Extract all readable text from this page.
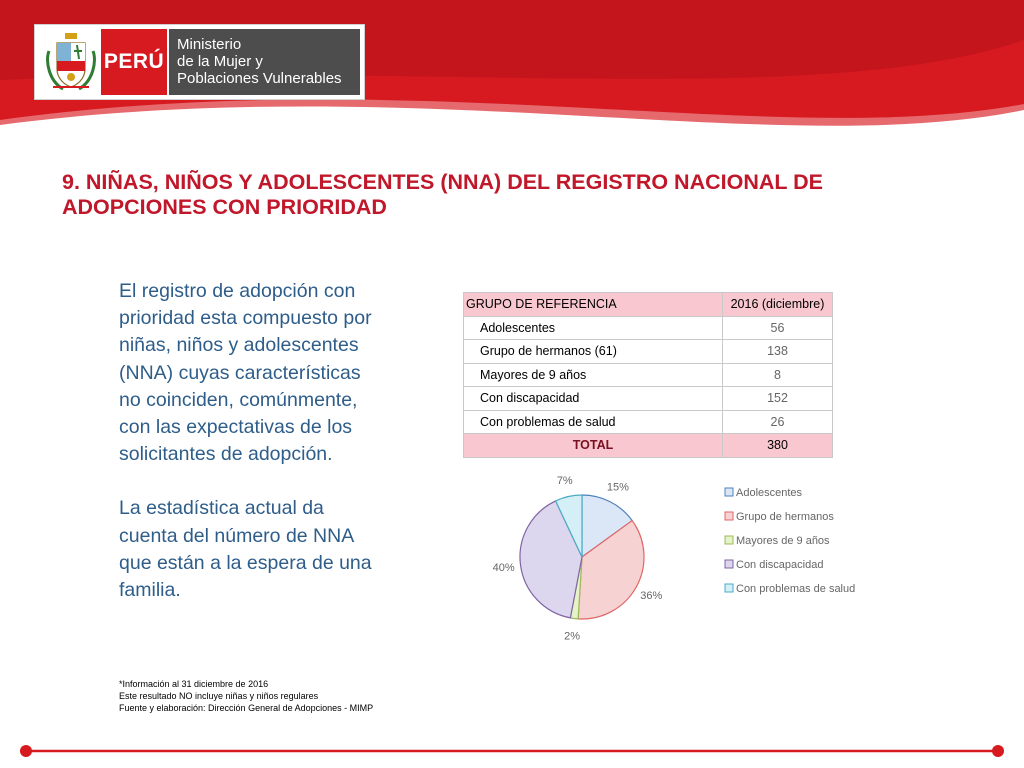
PERÚ
Ministerio
de la Mujer y
Poblaciones Vulnerables
9. NIÑAS, NIÑOS Y ADOLESCENTES (NNA) DEL REGISTRO NACIONAL DE ADOPCIONES CON PRIORIDAD

El registro de adopción con prioridad esta compuesto por niñas, niños y adolescentes (NNA) cuyas características no coinciden, comúnmente, con las expectativas de los solicitantes de adopción.

La estadística actual da cuenta del número de NNA que están a la espera de una familia.

GRUPO DE REFERENCIA	2016 (diciembre)
Adolescentes	56
Grupo de hermanos (61)	138
Mayores de 9 años	8
Con discapacidad	152
Con problemas de salud	26
TOTAL	380
15%
36%
2%
40%
7%
Adolescentes
Grupo de hermanos
Mayores de 9 años
Con discapacidad
Con problemas de salud
*Información al 31 diciembre de 2016
Este resultado NO incluye niñas y niños regulares
Fuente y elaboración: Dirección General de Adopciones - MIMP
